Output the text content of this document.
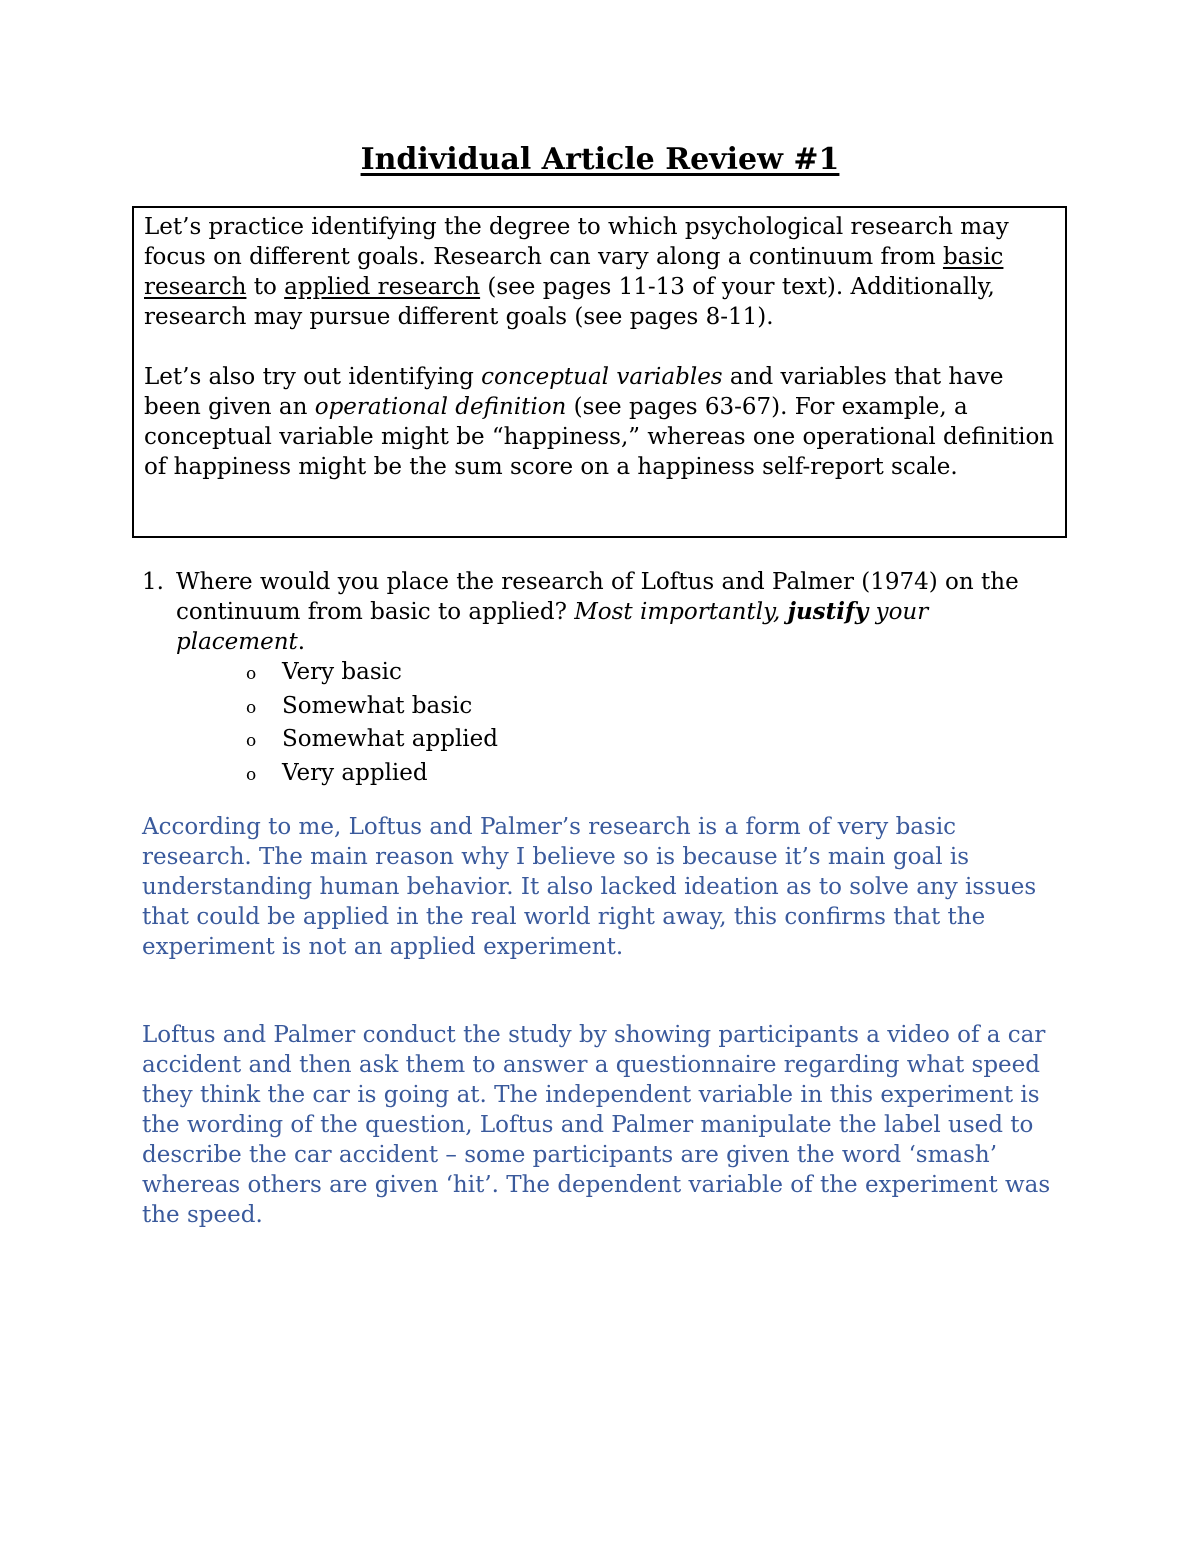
Individual Article Review #1

Let’s practice identifying the degree to which psychological research may focus on different goals. Research can vary along a continuum from basic research to applied research (see pages 11-13 of your text). Additionally, research may pursue different goals (see pages 8-11).

Let’s also try out identifying conceptual variables and variables that have been given an operational definition (see pages 63-67). For example, a conceptual variable might be “happiness,” whereas one operational definition of happiness might be the sum score on a happiness self-report scale.

1. Where would you place the research of Loftus and Palmer (1974) on the continuum from basic to applied? Most importantly, justify your placement.
o	Very basic
o	Somewhat basic
o	Somewhat applied
o	Very applied

According to me, Loftus and Palmer’s research is a form of very basic research. The main reason why I believe so is because it’s main goal is understanding human behavior. It also lacked ideation as to solve any issues that could be applied in the real world right away, this confirms that the experiment is not an applied experiment.

Loftus and Palmer conduct the study by showing participants a video of a car accident and then ask them to answer a questionnaire regarding what speed they think the car is going at. The independent variable in this experiment is the wording of the question, Loftus and Palmer manipulate the label used to describe the car accident – some participants are given the word ‘smash’ whereas others are given ‘hit’. The dependent variable of the experiment was the speed.
